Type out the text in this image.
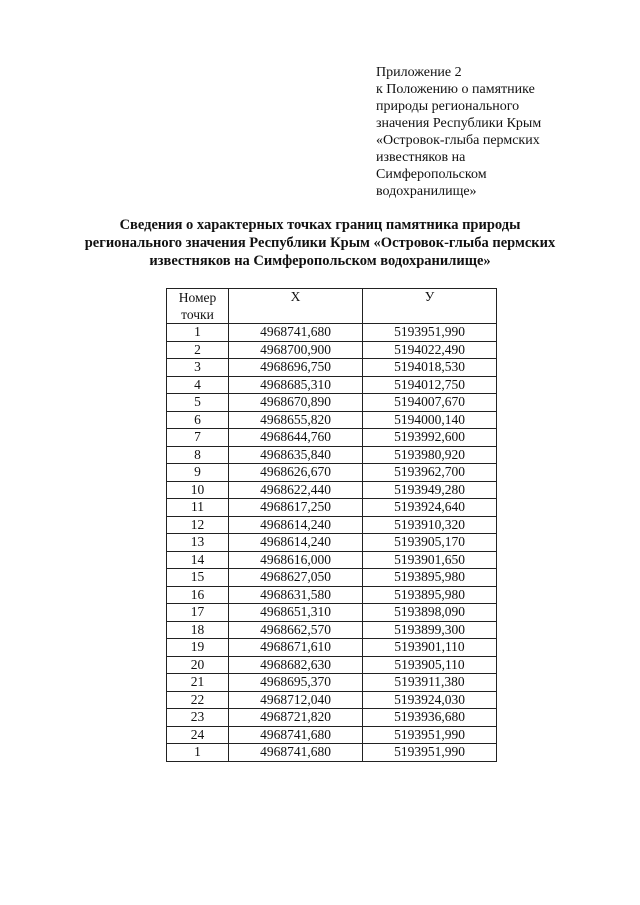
Приложение 2
к Положению о памятнике
природы регионального
значения Республики Крым
«Островок-глыба пермских
известняков на
Симферопольском
водохранилище»
Сведения о характерных точках границ памятника природы
регионального значения Республики Крым «Островок-глыба пермских
известняков на Симферопольском водохранилище»
Номер
точки	X	У
1	4968741,680	5193951,990
2	4968700,900	5194022,490
3	4968696,750	5194018,530
4	4968685,310	5194012,750
5	4968670,890	5194007,670
6	4968655,820	5194000,140
7	4968644,760	5193992,600
8	4968635,840	5193980,920
9	4968626,670	5193962,700
10	4968622,440	5193949,280
11	4968617,250	5193924,640
12	4968614,240	5193910,320
13	4968614,240	5193905,170
14	4968616,000	5193901,650
15	4968627,050	5193895,980
16	4968631,580	5193895,980
17	4968651,310	5193898,090
18	4968662,570	5193899,300
19	4968671,610	5193901,110
20	4968682,630	5193905,110
21	4968695,370	5193911,380
22	4968712,040	5193924,030
23	4968721,820	5193936,680
24	4968741,680	5193951,990
1	4968741,680	5193951,990
